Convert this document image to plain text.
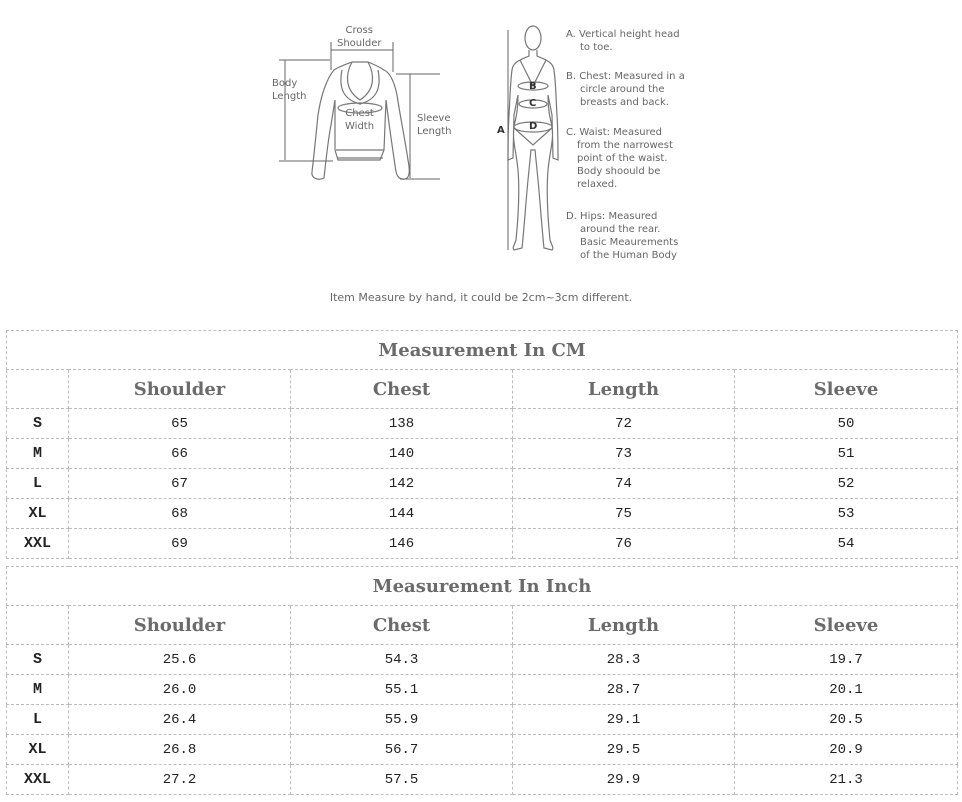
Cross
Shoulder
Body
Length
Chest
Width
Sleeve
Length	A
B
C
D
A. Vertical height head
to toe.
B. Chest: Measured in a
circle around the
breasts and back.
C. Waist: Measured
from the narrowest
point of the waist.
Body shoould be
relaxed.
D. Hips: Measured
around the rear.
Basic Meaurements
of the Human Body
Item Measure by hand, it could be 2cm~3cm different.
Measurement In CM				
	Shoulder	Chest	Length	Sleeve
S	65	138	72	50
M	66	140	73	51
L	67	142	74	52
XL	68	144	75	53
XXL	69	146	76	54
Measurement In Inch				
	Shoulder	Chest	Length	Sleeve
S	25.6	54.3	28.3	19.7
M	26.0	55.1	28.7	20.1
L	26.4	55.9	29.1	20.5
XL	26.8	56.7	29.5	20.9
XXL	27.2	57.5	29.9	21.3
